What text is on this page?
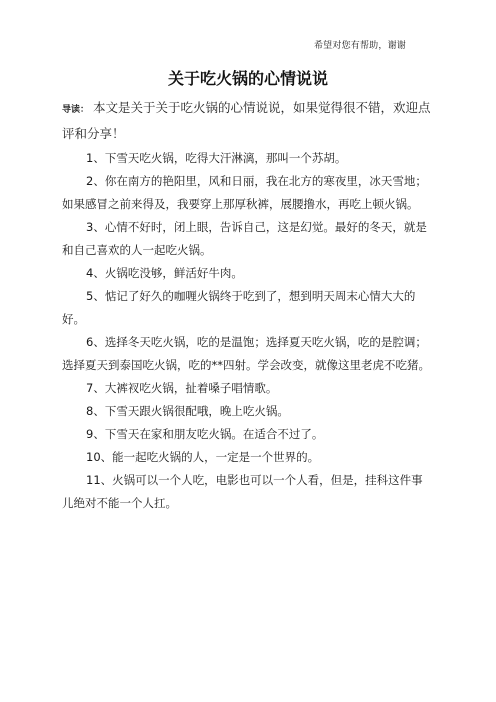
希望对您有帮助，谢谢
关于吃火锅的心情说说
导读： 本文是关于关于吃火锅的心情说说，如果觉得很不错，欢迎点评和分享！

1、下雪天吃火锅，吃得大汗淋漓，那叫一个苏胡。

2、你在南方的艳阳里，风和日丽，我在北方的寒夜里，冰天雪地；如果感冒之前来得及，我要穿上那厚秋裤，展腰撸水，再吃上顿火锅。

3、心情不好时，闭上眼，告诉自己，这是幻觉。最好的冬天，就是和自己喜欢的人一起吃火锅。

4、火锅吃没够，鲜活好牛肉。

5、惦记了好久的咖喱火锅终于吃到了，想到明天周末心情大大的好。

6、选择冬天吃火锅，吃的是温饱；选择夏天吃火锅，吃的是腔调；选择夏天到泰国吃火锅，吃的**四射。学会改变，就像这里老虎不吃猪。

7、大裤衩吃火锅，扯着嗓子唱情歌。

8、下雪天跟火锅很配哦，晚上吃火锅。

9、下雪天在家和朋友吃火锅。在适合不过了。

10、能一起吃火锅的人，一定是一个世界的。

11、火锅可以一个人吃，电影也可以一个人看，但是，挂科这件事儿绝对不能一个人扛。
